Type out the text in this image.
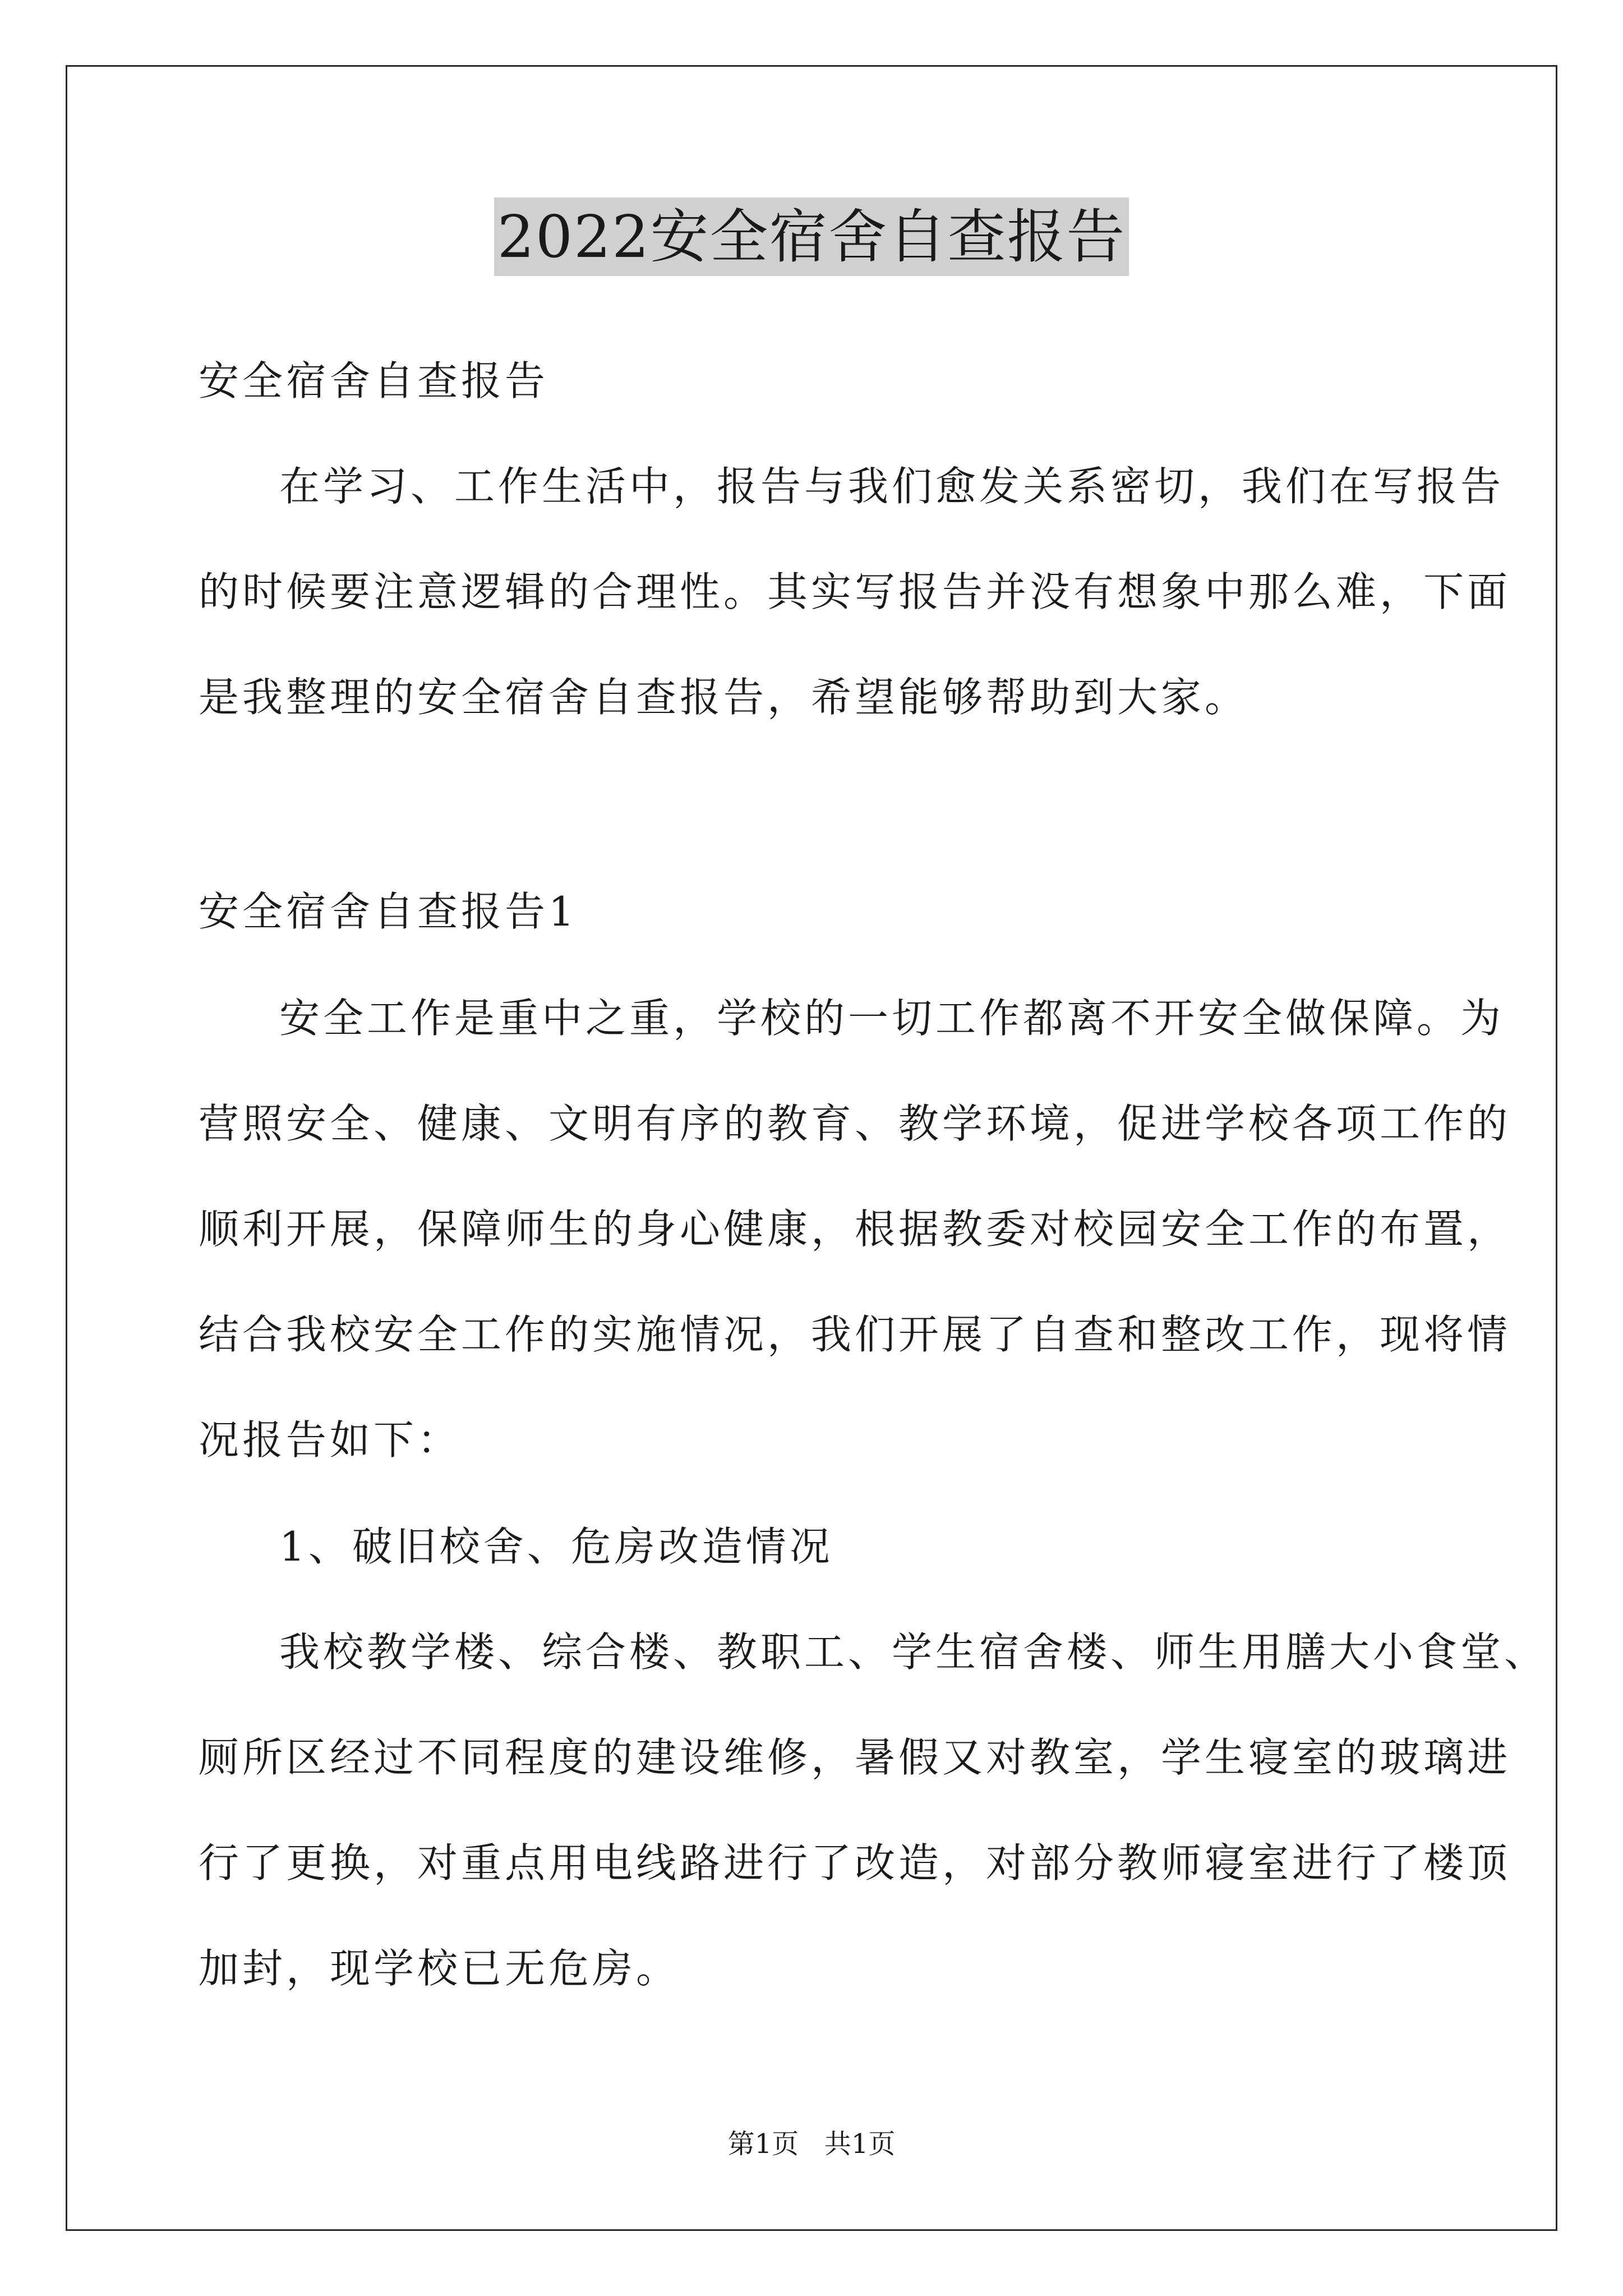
2022安全宿舍自查报告
安全宿舍自查报告
在学习、工作生活中，报告与我们愈发关系密切，我们在写报告
的时候要注意逻辑的合理性。其实写报告并没有想象中那么难，下面
是我整理的安全宿舍自查报告，希望能够帮助到大家。
安全宿舍自查报告1
安全工作是重中之重，学校的一切工作都离不开安全做保障。为
营照安全、健康、文明有序的教育、教学环境，促进学校各项工作的
顺利开展，保障师生的身心健康，根据教委对校园安全工作的布置，
结合我校安全工作的实施情况，我们开展了自查和整改工作，现将情
况报告如下：
1、破旧校舍、危房改造情况
我校教学楼、综合楼、教职工、学生宿舍楼、师生用膳大小食堂、
厕所区经过不同程度的建设维修，暑假又对教室，学生寝室的玻璃进
行了更换，对重点用电线路进行了改造，对部分教师寝室进行了楼顶
加封，现学校已无危房。
第1页   共1页
